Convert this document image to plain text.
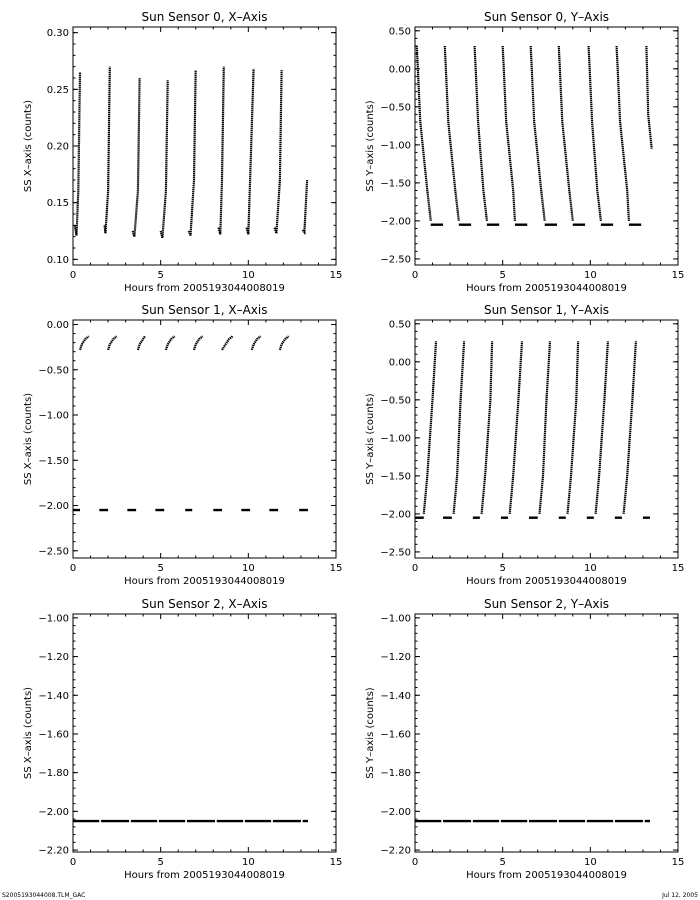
Sun Sensor 0, X–Axis
Hours from 2005193044008019
SS X–axis (counts)
0	5	10	15
0.10
0.15
0.20
0.25
0.30
Sun Sensor 0, Y–Axis
Hours from 2005193044008019
SS Y–axis (counts)
0	5	10	15
−2.50
−2.00
−1.50
−1.00
−0.50
0.00
0.50
Sun Sensor 1, X–Axis
Hours from 2005193044008019
SS X–axis (counts)
0	5	10	15
−2.50
−2.00
−1.50
−1.00
−0.50
0.00
Sun Sensor 1, Y–Axis
Hours from 2005193044008019
SS Y–axis (counts)
0	5	10	15
−2.50
−2.00
−1.50
−1.00
−0.50
0.00
0.50
Sun Sensor 2, X–Axis
Hours from 2005193044008019
SS X–axis (counts)
0	5	10	15
−2.20
−2.00
−1.80
−1.60
−1.40
−1.20
−1.00
Sun Sensor 2, Y–Axis
Hours from 2005193044008019
SS Y–axis (counts)
0	5	10	15
−2.20
−2.00
−1.80
−1.60
−1.40
−1.20
−1.00
S2005193044008.TLM_GAC	Jul 12, 2005
